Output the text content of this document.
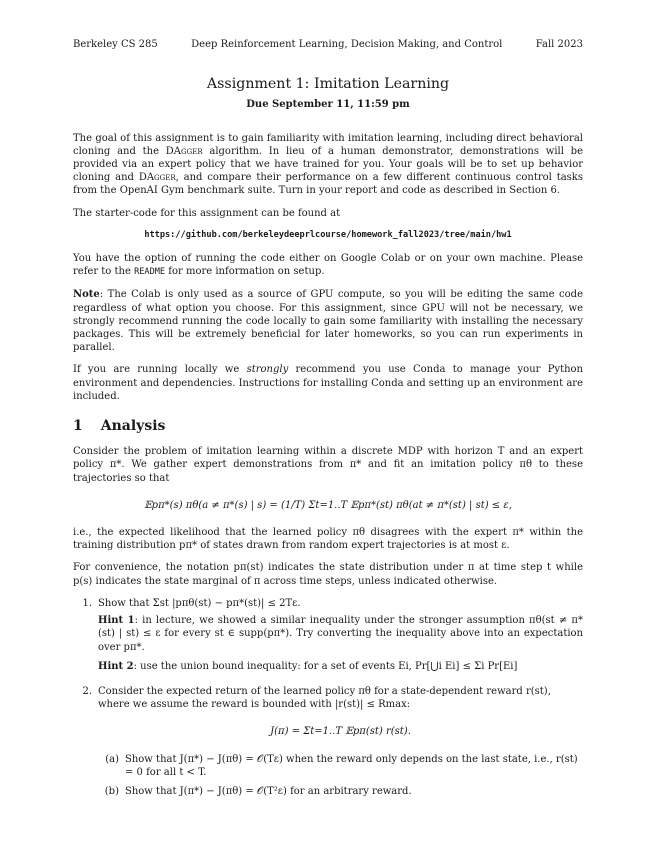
Berkeley CS 285	Deep Reinforcement Learning, Decision Making, and Control	Fall 2023
Assignment 1: Imitation Learning
Due September 11, 11:59 pm

The goal of this assignment is to gain familiarity with imitation learning, including direct behavioral cloning and the DAgger algorithm. In lieu of a human demonstrator, demonstrations will be provided via an expert policy that we have trained for you. Your goals will be to set up behavior cloning and DAgger, and compare their performance on a few different continuous control tasks from the OpenAI Gym benchmark suite. Turn in your report and code as described in Section 6.

The starter-code for this assignment can be found at

https://github.com/berkeleydeeprlcourse/homework_fall2023/tree/main/hw1

You have the option of running the code either on Google Colab or on your own machine. Please refer to the README for more information on setup.

Note: The Colab is only used as a source of GPU compute, so you will be editing the same code regardless of what option you choose. For this assignment, since GPU will not be necessary, we strongly recommend running the code locally to gain some familiarity with installing the necessary packages. This will be extremely beneficial for later homeworks, so you can run experiments in parallel.

If you are running locally we strongly recommend you use Conda to manage your Python environment and dependencies. Instructions for installing Conda and setting up an environment are included.

1 Analysis

Consider the problem of imitation learning within a discrete MDP with horizon T and an expert policy π*. We gather expert demonstrations from π* and fit an imitation policy πθ to these trajectories so that

𝔼pπ*(s) πθ(a ≠ π*(s) | s) = (1/T) Σt=1..T 𝔼pπ*(st) πθ(at ≠ π*(st) | st) ≤ ε,

i.e., the expected likelihood that the learned policy πθ disagrees with the expert π* within the training distribution pπ* of states drawn from random expert trajectories is at most ε.

For convenience, the notation pπ(st) indicates the state distribution under π at time step t while p(s) indicates the state marginal of π across time steps, unless indicated otherwise.

1. Show that Σst |pπθ(st) − pπ*(st)| ≤ 2Tε.

Hint 1: in lecture, we showed a similar inequality under the stronger assumption πθ(st ≠ π*(st) | st) ≤ ε for every st ∈ supp(pπ*). Try converting the inequality above into an expectation over pπ*.

Hint 2: use the union bound inequality: for a set of events Ei, Pr[⋃i Ei] ≤ Σi Pr[Ei]

2. Consider the expected return of the learned policy πθ for a state-dependent reward r(st), where we assume the reward is bounded with |r(st)| ≤ Rmax:
J(π) = Σt=1..T 𝔼pπ(st) r(st).
(a) Show that J(π*) − J(πθ) = 𝒪(Tε) when the reward only depends on the last state, i.e., r(st) = 0 for all t < T.
(b) Show that J(π*) − J(πθ) = 𝒪(T²ε) for an arbitrary reward.
